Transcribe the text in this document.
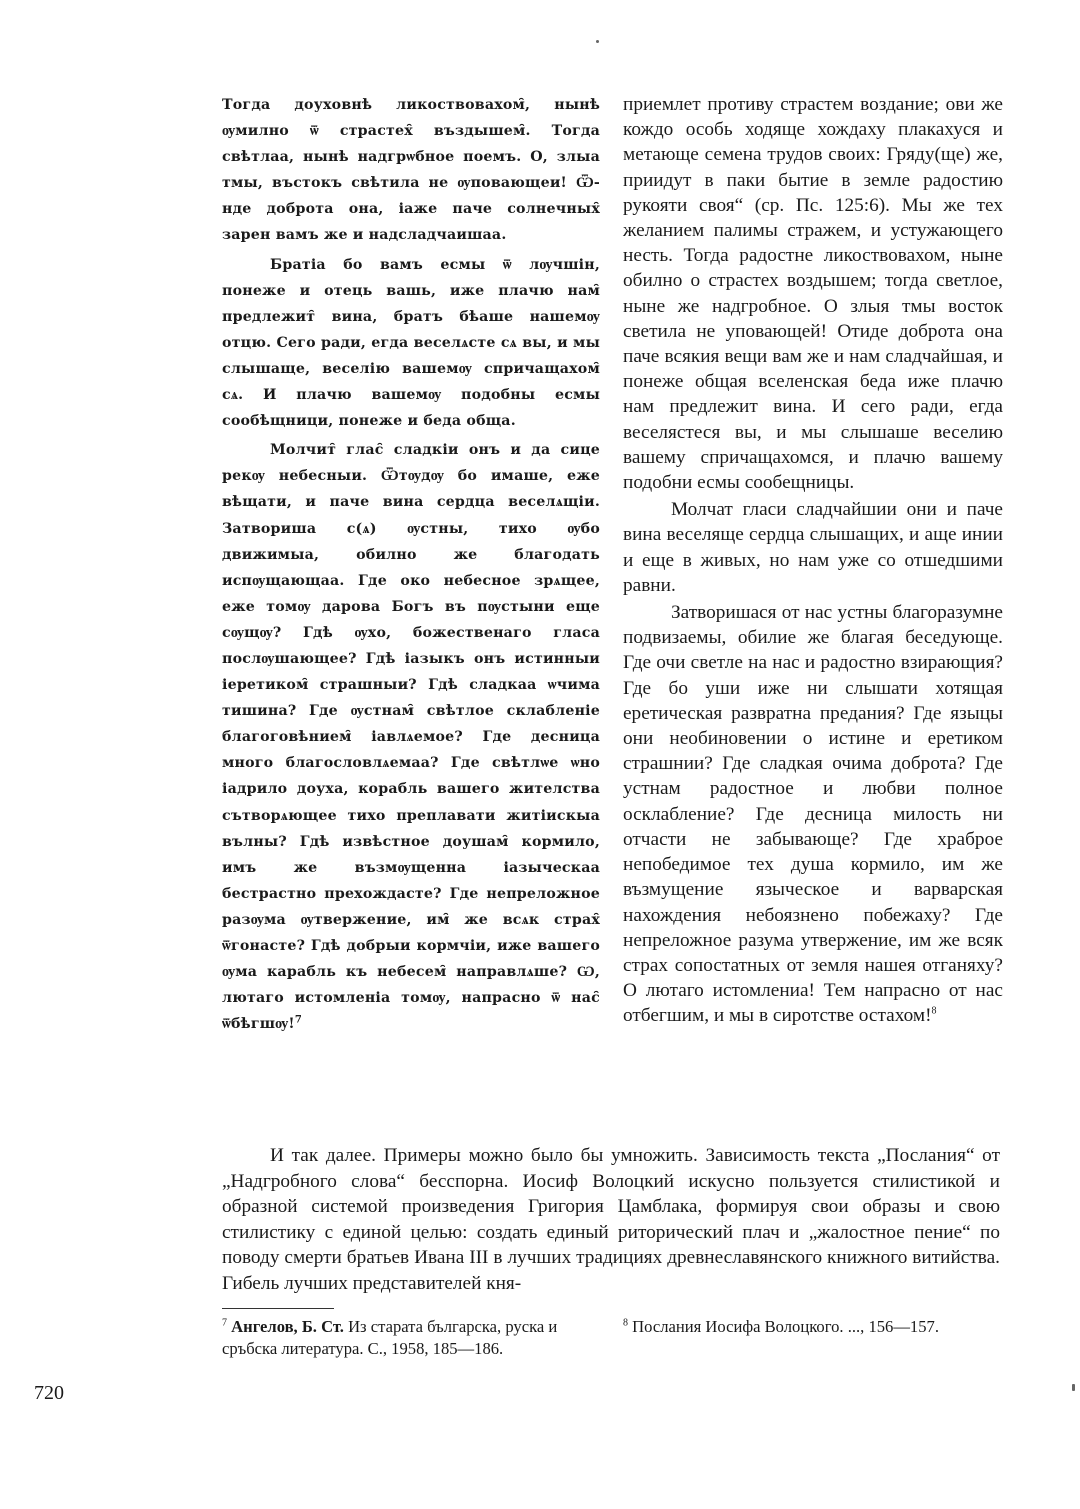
Тогда доуховнѣ ликоствовахом̑, нынѣ ѹмилно ѿ страстех̑ въздышем̑. Тогда свѣтлаа, нынѣ надгрѡбное поемъ. О, злыа тмы, въстокъ свѣтила не ѹповающеи! Ѿ-нде доброта она, іаже паче солнечных̑ зарен вамъ же и надсладчаишаа.

Братіа бо вамъ есмы ѿ лѹчшін, понеже и отець вашь, иже плачю нам̑ предлежит̑ вина, братъ бѣаше нашемѹ отцю. Сего ради, егда веселѧсте сѧ вы, и мы слышаще, веселію вашемѹ спричащахом̑ сѧ. И плачю вашемѹ подобны есмы сообѣщници, понеже и беда обща.

Молчит̑ глас̑ сладкіи онъ и да сице рекѹ небесныи. Ѿтѹдѹ бо имаше, еже вѣщати, и паче вина сердца веселѧщіи. Затвориша с(ѧ) ѹстны, тихо ѹбо движимыа, обилно же благодать испѹщающаа. Где око небесное зрѧщее, еже томѹ дарова Богъ въ пѹстыни еще сѹщѹ? Гдѣ ѹхо, божественаго гласа послѹшающее? Гдѣ іазыкъ онъ истинныи іеретиком̑ страшныи? Гдѣ сладкаа ѡчима тишина? Где ѹстнам̑ свѣтлое склабленіе благоговѣнием̑ іавлѧемое? Где десница много благословлѧемаа? Где свѣтлѡе ѡно іадрило доуха, корабль вашего жителства сътворѧющее тихо преплавати житіискыа вълны? Гдѣ извѣстное доушам̑ кормило, имъ же възмѹщенна іазыческаа бестрастно прехождасте? Где непреложное разѹма ѹтвержение, им̑ же всѧк страх̑ ѿгонасте? Гдѣ добрыи кормчіи, иже вашего ѹма карабль къ небесем̑ направлѧше? Ѡ, лютаго истомленіа томѹ, напрасно ѿ нас̑ ѿбѣгшѹ!$^7$

приемлет противу страстем воздание; ови же кождо особь ходяще хождаху плакахуся и метающе семена трудов своих: Гряду(ще) же, приидут в паки бытие в земле радостию рукояти своя“ (ср. Пс. 125:6). Мы же тех желанием палимы стражем, и устужающего несть. Тогда радостне ликоствовахом, ныне обилно о страстех воздышем; тогда светлое, ныне же надгробное. О злыя тмы восток светила не уповающей! Отиде доброта она паче всякия вещи вам же и нам сладчайшая, и понеже общая вселенская беда иже плачю нам предлежит вина. И сего ради, егда веселястеся вы, и мы слышаше веселию вашему спричащахомся, и плачю вашему подобни есмы сообещницы.

Молчат гласи сладчайшии они и паче вина веселяще сердца слышащих, и аще инии и еще в живых, но нам уже со отшедшими равни.

Затворишася от нас устны благоразумне подвизаемы, обилие же благая беседующе. Где очи светле на нас и радостно взирающия? Где бо уши иже ни слышати хотящая еретическая развратна предания? Где языцы они необиновении о истине и еретиком страшнии? Где сладкая очима доброта? Где устнам радостное и любви полное осклабление? Где десница милость ни отчасти не забывающе? Где храброе непобедимое тех душа кормило, им же възмущение языческое и варварская нахождения небоязнено побежаху? Где непреложное разума утвержение, им же всяк страх сопостатных от земля нашея отганяху? О лютаго истомлениа! Тем напрасно от нас отбегшим, и мы в сиротстве остахом!$^8$

И так далее. Примеры можно было бы умножить. Зависимость текста „Послания“ от „Надгробного слова“ бесспорна. Иосиф Волоцкий искусно пользуется стилистикой и образной системой произведения Григория Цамблака, формируя свои образы и свою стилистику с единой целью: создать единый риторический плач и „жалостное пение“ по поводу смерти братьев Ивана III в лучших традициях древнеславянского книжного витийства. Гибель лучших представителей кня-

$^7$ Ангелов, Б. Ст. Из старата българска, руска и сръбска литература. С., 1958, 185—186.
$^8$ Послания Иосифа Волоцкого. ..., 156—157.
720
